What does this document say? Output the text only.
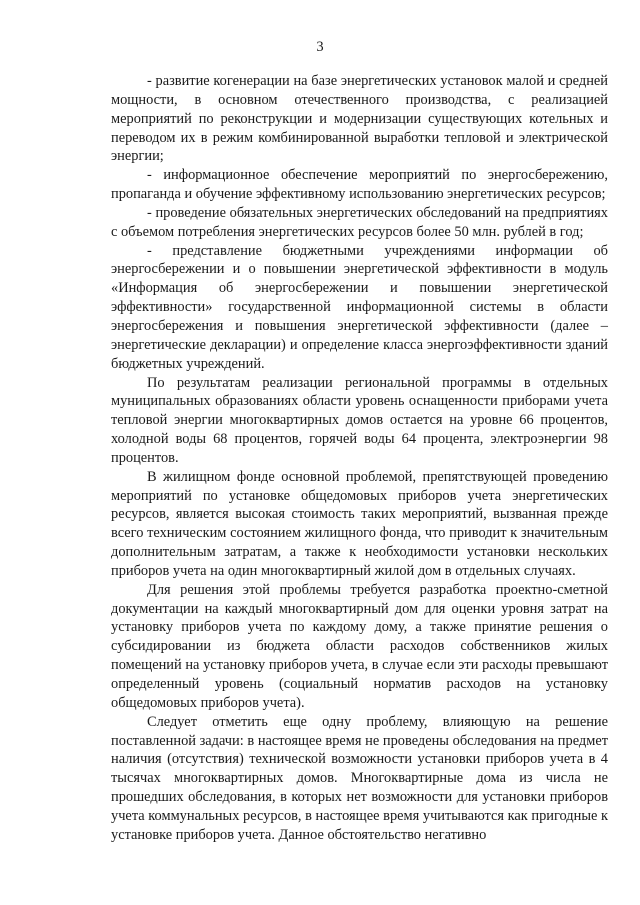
3

- развитие когенерации на базе энергетических установок малой и средней мощности, в основном отечественного производства, с реализацией мероприятий по реконструкции и модернизации существующих котельных и переводом их в режим комбинированной выработки тепловой и электрической энергии;

- информационное обеспечение мероприятий по энергосбережению, пропаганда и обучение эффективному использованию энергетических ресурсов;

- проведение обязательных энергетических обследований на предприятиях с объемом потребления энергетических ресурсов более 50 млн. рублей в год;

- представление бюджетными учреждениями информации об энергосбережении и о повышении энергетической эффективности в модуль «Информация об энергосбережении и повышении энергетической эффективности» государственной информационной системы в области энергосбережения и повышения энергетической эффективности (далее – энергетические декларации) и определение класса энергоэффективности зданий бюджетных учреждений.

По результатам реализации региональной программы в отдельных муниципальных образованиях области уровень оснащенности приборами учета тепловой энергии многоквартирных домов остается на уровне 66 процентов, холодной воды 68 процентов, горячей воды 64 процента, электроэнергии 98 процентов.

В жилищном фонде основной проблемой, препятствующей проведению мероприятий по установке общедомовых приборов учета энергетических ресурсов, является высокая стоимость таких мероприятий, вызванная прежде всего техническим состоянием жилищного фонда, что приводит к значительным дополнительным затратам, а также к необходимости установки нескольких приборов учета на один многоквартирный жилой дом в отдельных случаях.

Для решения этой проблемы требуется разработка проектно-сметной документации на каждый многоквартирный дом для оценки уровня затрат на установку приборов учета по каждому дому, а также принятие решения о субсидировании из бюджета области расходов собственников жилых помещений на установку приборов учета, в случае если эти расходы превышают определенный уровень (социальный норматив расходов на установку общедомовых приборов учета).

Следует отметить еще одну проблему, влияющую на решение поставленной задачи: в настоящее время не проведены обследования на предмет наличия (отсутствия) технической возможности установки приборов учета в 4 тысячах многоквартирных домов. Многоквартирные дома из числа не прошедших обследования, в которых нет возможности для установки приборов учета коммунальных ресурсов, в настоящее время учитываются как пригодные к установке приборов учета. Данное обстоятельство негативно
